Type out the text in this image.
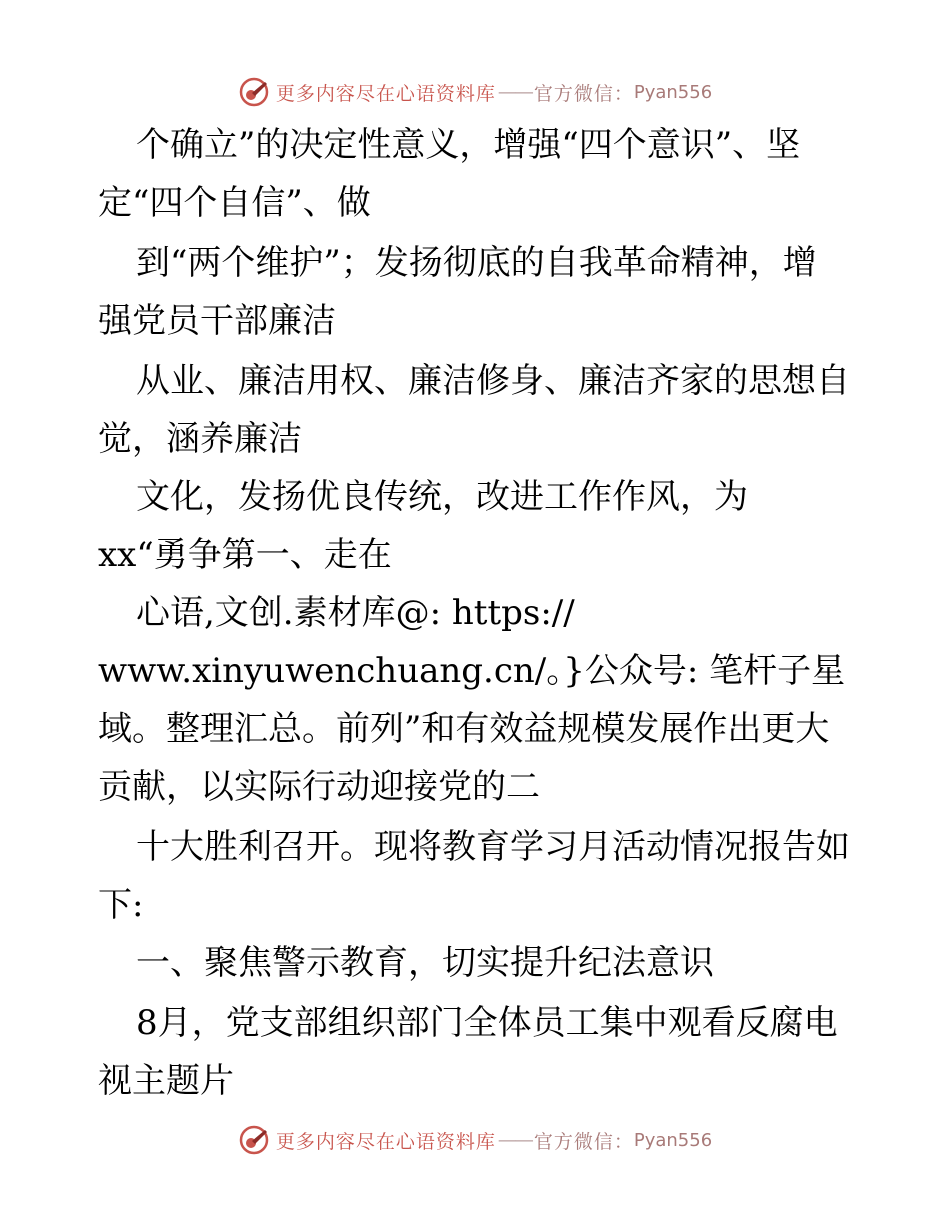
更多内容尽在心语资料库 —— 官方微信： Pyan556
个确立”的决定性意义，增强“四个意识”、坚
定“四个自信”、做
到“两个维护”；发扬彻底的自我革命精神，增
强党员干部廉洁
从业、廉洁用权、廉洁修身、廉洁齐家的思想自
觉，涵养廉洁
文化，发扬优良传统，改进工作作风，为
xx“勇争第一、走在
心语,文创.素材库@: https://
www.xinyuwenchuang.cn/。}公众号: 笔杆子星
域。整理汇总。前列”和有效益规模发展作出更大
贡献，以实际行动迎接党的二
十大胜利召开。现将教育学习月活动情况报告如
下:
一、聚焦警示教育，切实提升纪法意识
8月，党支部组织部门全体员工集中观看反腐电
视主题片
更多内容尽在心语资料库 —— 官方微信： Pyan556
